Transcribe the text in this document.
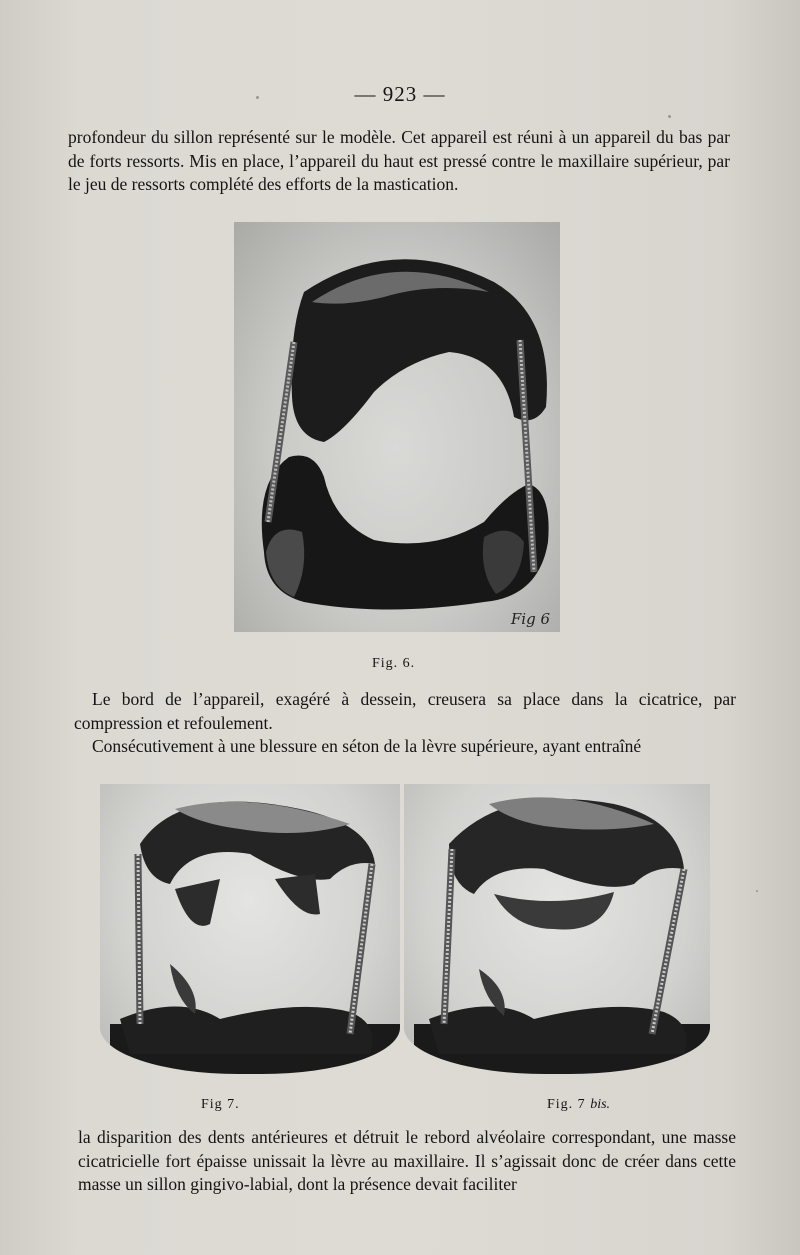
— 923 —

profondeur du sillon représenté sur le modèle. Cet appareil est réuni à un appareil du bas par de forts ressorts. Mis en place, l’appareil du haut est pressé contre le maxillaire supérieur, par le jeu de ressorts complété des efforts de la mastication.

Fig 6
Fig. 6.

Le bord de l’appareil, exagéré à dessein, creusera sa place dans la cicatrice, par compression et refoulement.

Consécutivement à une blessure en séton de la lèvre supérieure, ayant entraîné

Fig 7.	Fig. 7 bis.

la disparition des dents antérieures et détruit le rebord alvéolaire correspondant, une masse cicatricielle fort épaisse unissait la lèvre au maxillaire. Il s’agissait donc de créer dans cette masse un sillon gingivo-labial, dont la présence devait faciliter
